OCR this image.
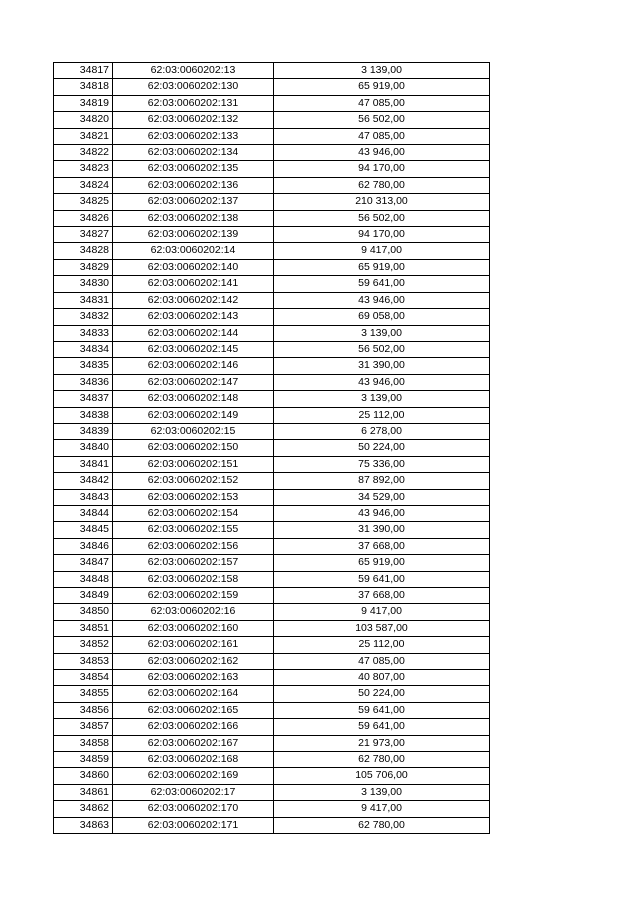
34817	62:03:0060202:13	3 139,00
34818	62:03:0060202:130	65 919,00
34819	62:03:0060202:131	47 085,00
34820	62:03:0060202:132	56 502,00
34821	62:03:0060202:133	47 085,00
34822	62:03:0060202:134	43 946,00
34823	62:03:0060202:135	94 170,00
34824	62:03:0060202:136	62 780,00
34825	62:03:0060202:137	210 313,00
34826	62:03:0060202:138	56 502,00
34827	62:03:0060202:139	94 170,00
34828	62:03:0060202:14	9 417,00
34829	62:03:0060202:140	65 919,00
34830	62:03:0060202:141	59 641,00
34831	62:03:0060202:142	43 946,00
34832	62:03:0060202:143	69 058,00
34833	62:03:0060202:144	3 139,00
34834	62:03:0060202:145	56 502,00
34835	62:03:0060202:146	31 390,00
34836	62:03:0060202:147	43 946,00
34837	62:03:0060202:148	3 139,00
34838	62:03:0060202:149	25 112,00
34839	62:03:0060202:15	6 278,00
34840	62:03:0060202:150	50 224,00
34841	62:03:0060202:151	75 336,00
34842	62:03:0060202:152	87 892,00
34843	62:03:0060202:153	34 529,00
34844	62:03:0060202:154	43 946,00
34845	62:03:0060202:155	31 390,00
34846	62:03:0060202:156	37 668,00
34847	62:03:0060202:157	65 919,00
34848	62:03:0060202:158	59 641,00
34849	62:03:0060202:159	37 668,00
34850	62:03:0060202:16	9 417,00
34851	62:03:0060202:160	103 587,00
34852	62:03:0060202:161	25 112,00
34853	62:03:0060202:162	47 085,00
34854	62:03:0060202:163	40 807,00
34855	62:03:0060202:164	50 224,00
34856	62:03:0060202:165	59 641,00
34857	62:03:0060202:166	59 641,00
34858	62:03:0060202:167	21 973,00
34859	62:03:0060202:168	62 780,00
34860	62:03:0060202:169	105 706,00
34861	62:03:0060202:17	3 139,00
34862	62:03:0060202:170	9 417,00
34863	62:03:0060202:171	62 780,00
